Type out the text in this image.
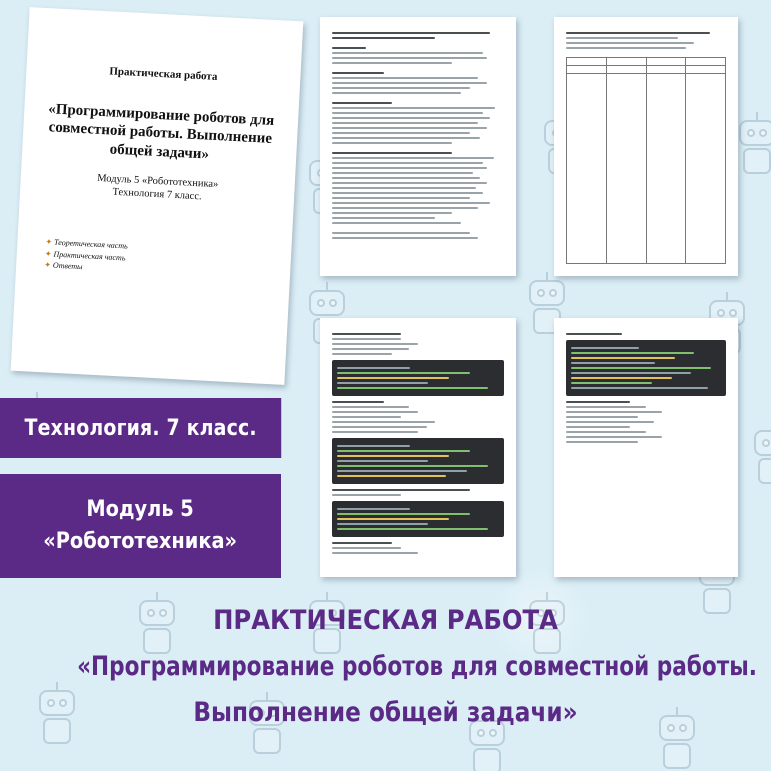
Практическая работа
«Программирование роботов для совместной работы. Выполнение общей задачи»
Модуль 5 «Робототехника»
Технология 7 класс.
✦ Теоретическая часть
✦ Практическая часть
✦ Ответы

Технология. 7 класс.
Модуль 5
«Робототехника»
ПРАКТИЧЕСКАЯ РАБОТА
«Программирование роботов для совместной работы.
Выполнение общей задачи»
